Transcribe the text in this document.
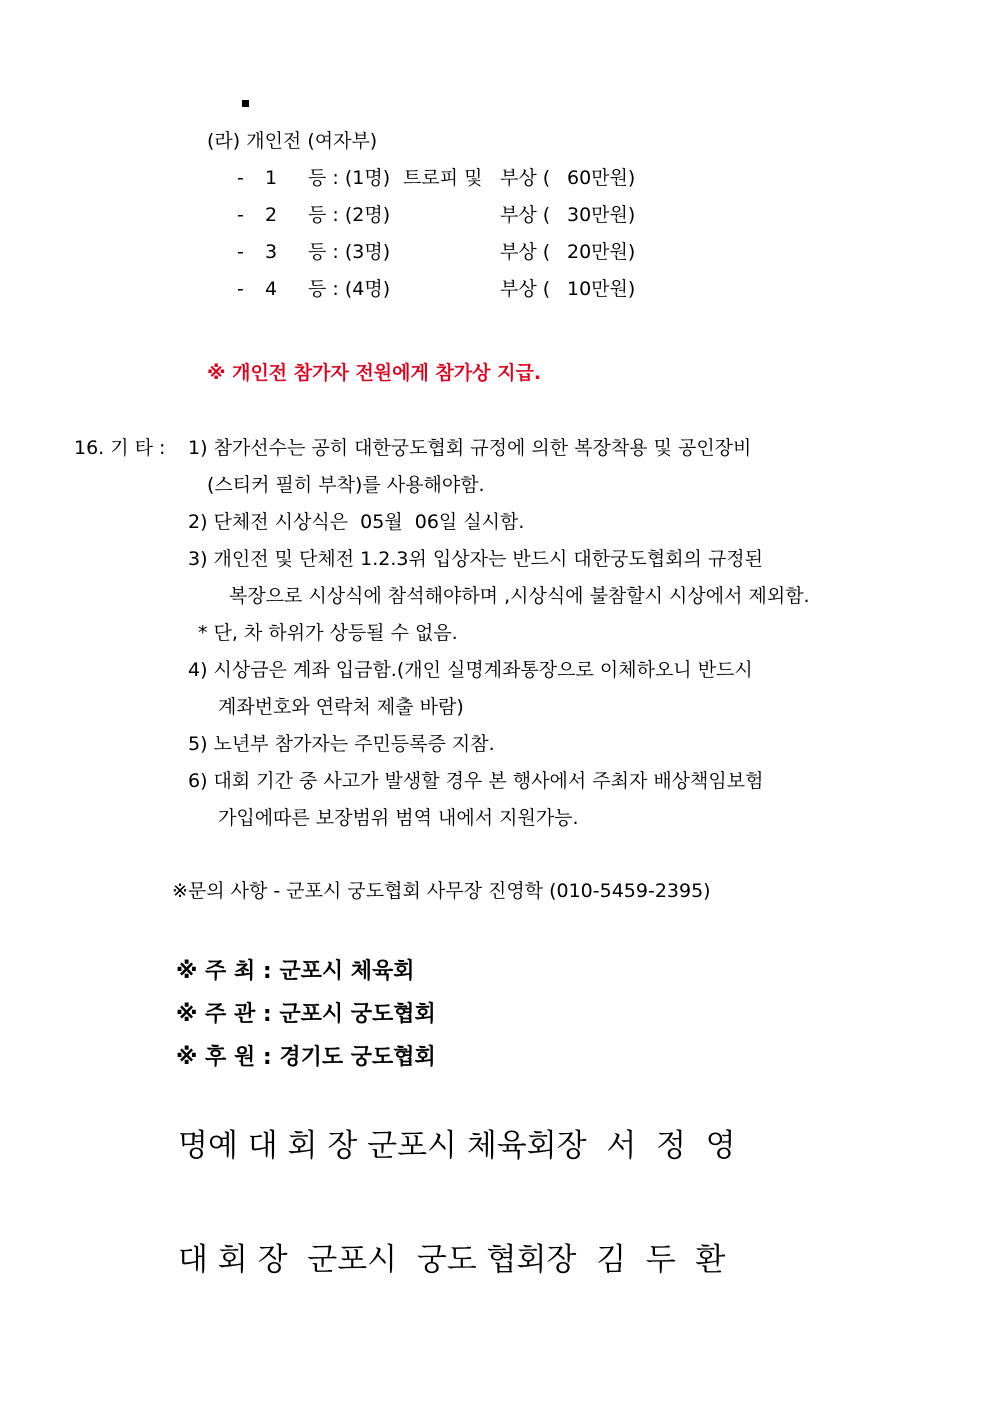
(라) 개인전 (여자부)
- 1 등 : (1명) 트로피 및 부상 ( 60만원)
- 2 등 : (2명)	부상 ( 30만원)
- 3 등 : (3명)	부상 ( 20만원)
- 4 등 : (4명)	부상 ( 10만원)
※ 개인전 참가자 전원에게 참가상 지급.
16. 기 타 : 1) 참가선수는 공히 대한궁도협회 규정에 의한 복장착용 및 공인장비
(스티커 필히 부착)를 사용해야함.
2) 단체전 시상식은  05월  06일 실시함.
3) 개인전 및 단체전 1.2.3위 입상자는 반드시 대한궁도협회의 규정된
복장으로 시상식에 참석해야하며 ,시상식에 불참할시 시상에서 제외함.
* 단, 차 하위가 상등될 수 없음.
4) 시상금은 계좌 입금함.(개인 실명계좌통장으로 이체하오니 반드시
계좌번호와 연락처 제출 바람)
5) 노년부 참가자는 주민등록증 지참.
6) 대회 기간 중 사고가 발생할 경우 본 행사에서 주최자 배상책임보험
가입에따른 보장범위 범역 내에서 지원가능.
※문의 사항 - 군포시 궁도협회 사무장 진영학 (010-5459-2395)
※ 주 최 : 군포시 체육회
※ 주 관 : 군포시 궁도협회
※ 후 원 : 경기도 궁도협회
명예 대 회 장 군포시 체육회장  서  정  영
대 회 장  군포시  궁도 협회장  김  두  환
